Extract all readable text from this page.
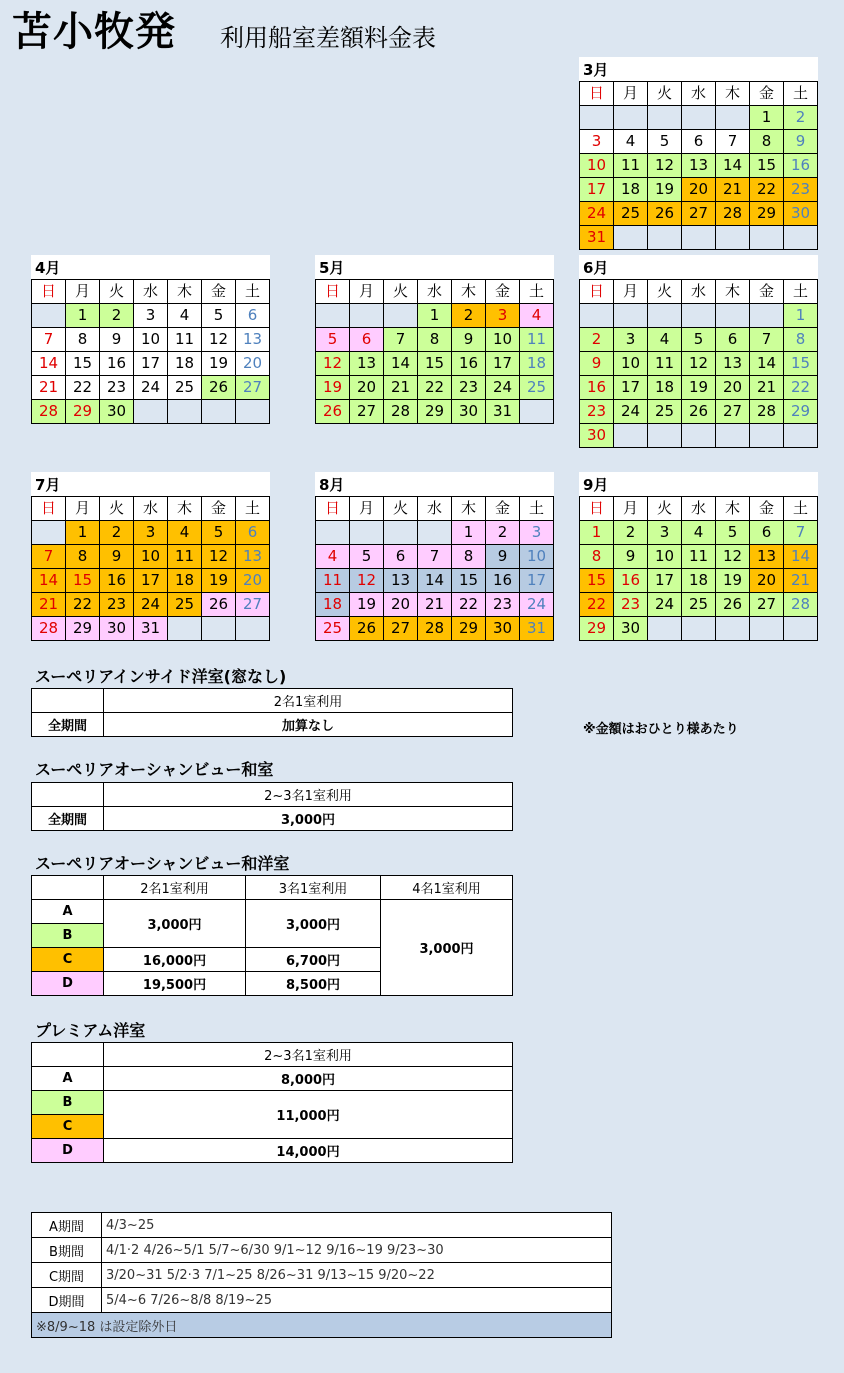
苫小牧発 利用船室差額料金表
3月
日	月	火	水	木	金	土
					1	2
3	4	5	6	7	8	9
10	11	12	13	14	15	16
17	18	19	20	21	22	23
24	25	26	27	28	29	30
31						
4月
日	月	火	水	木	金	土
	1	2	3	4	5	6
7	8	9	10	11	12	13
14	15	16	17	18	19	20
21	22	23	24	25	26	27
28	29	30				
5月
日	月	火	水	木	金	土
			1	2	3	4
5	6	7	8	9	10	11
12	13	14	15	16	17	18
19	20	21	22	23	24	25
26	27	28	29	30	31	
6月
日	月	火	水	木	金	土
						1
2	3	4	5	6	7	8
9	10	11	12	13	14	15
16	17	18	19	20	21	22
23	24	25	26	27	28	29
30						
7月
日	月	火	水	木	金	土
	1	2	3	4	5	6
7	8	9	10	11	12	13
14	15	16	17	18	19	20
21	22	23	24	25	26	27
28	29	30	31			
8月
日	月	火	水	木	金	土
				1	2	3
4	5	6	7	8	9	10
11	12	13	14	15	16	17
18	19	20	21	22	23	24
25	26	27	28	29	30	31
9月
日	月	火	水	木	金	土
1	2	3	4	5	6	7
8	9	10	11	12	13	14
15	16	17	18	19	20	21
22	23	24	25	26	27	28
29	30					
スーペリアインサイド洋室(窓なし)
	2名1室利用
全期間	加算なし	※金額はおひとり様あたり
スーペリアオーシャンビュー和室
	2~3名1室利用
全期間	3,000円
スーペリアオーシャンビュー和洋室
	2名1室利用	3名1室利用	4名1室利用
A	3,000円	3,000円	3,000円
B			
C	16,000円	6,700円	
D	19,500円	8,500円	
プレミアム洋室
	2~3名1室利用
A	8,000円
B	11,000円
C	
D	14,000円
A期間	4/3~25
B期間	4/1·2 4/26~5/1 5/7~6/30 9/1~12 9/16~19 9/23~30
C期間	3/20~31 5/2·3 7/1~25 8/26~31 9/13~15 9/20~22
D期間	5/4~6 7/26~8/8 8/19~25
※8/9~18 は設定除外日	
